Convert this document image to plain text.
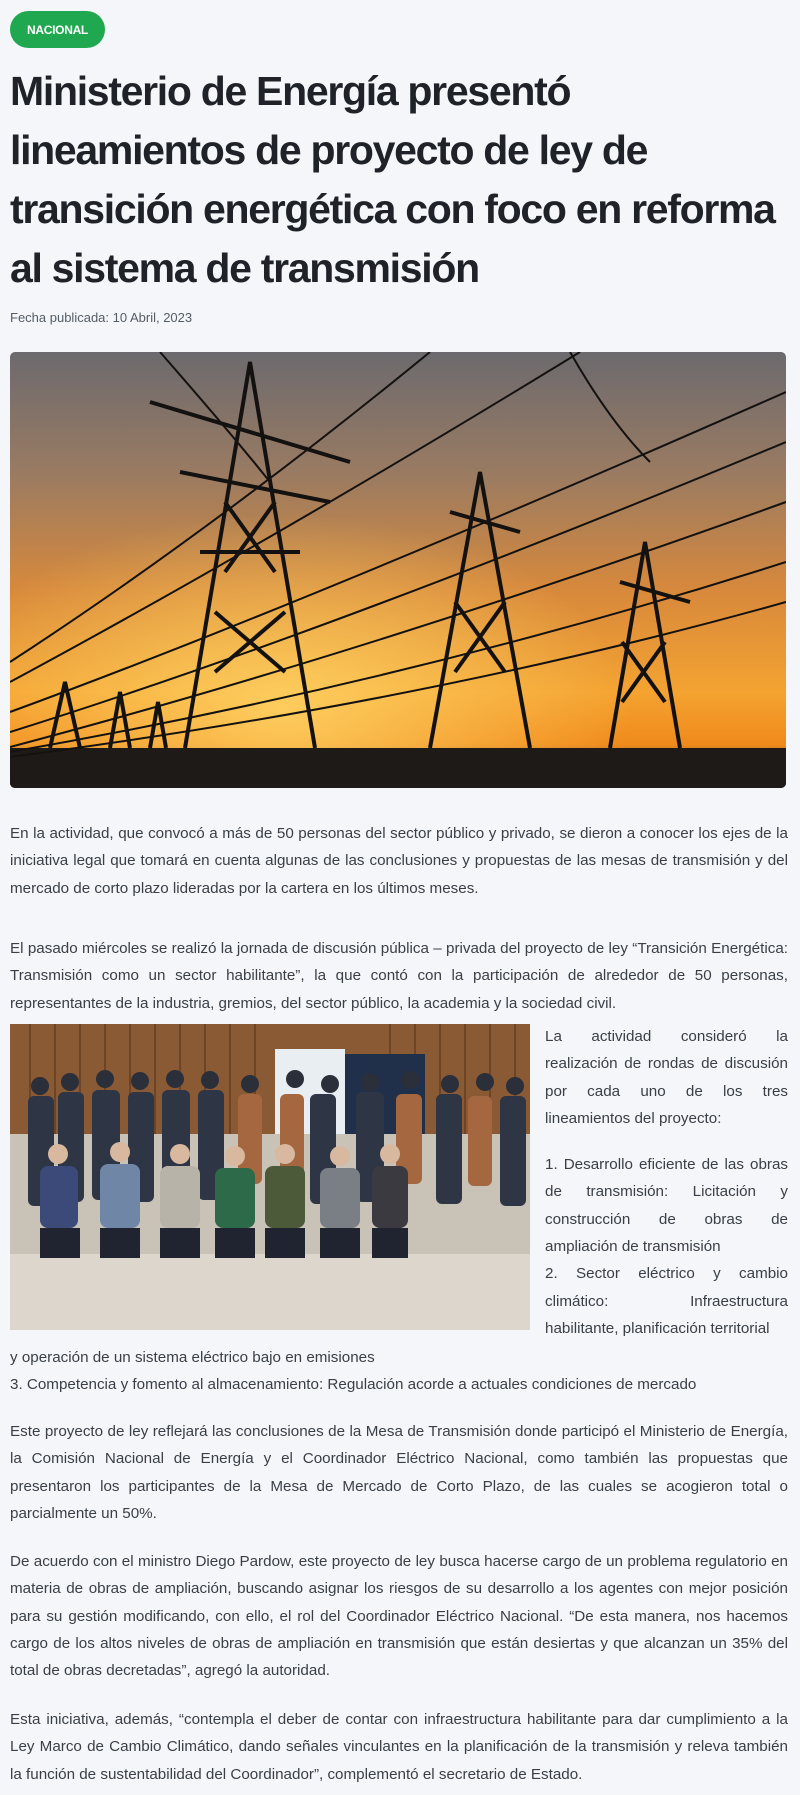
NACIONAL
Ministerio de Energía presentó lineamientos de proyecto de ley de transición energética con foco en reforma al sistema de transmisión
Fecha publicada: 10 Abril, 2023

En la actividad, que convocó a más de 50 personas del sector público y privado, se dieron a conocer los ejes de la iniciativa legal que tomará en cuenta algunas de las conclusiones y propuestas de las mesas de transmisión y del mercado de corto plazo lideradas por la cartera en los últimos meses.

El pasado miércoles se realizó la jornada de discusión pública – privada del proyecto de ley “Transición Energética: Transmisión como un sector habilitante”, la que contó con la participación de alrededor de 50 personas, representantes de la industria, gremios, del sector público, la academia y la sociedad civil.

La actividad consideró la realización de rondas de discusión por cada uno de los tres lineamientos del proyecto:

1. Desarrollo eficiente de las obras de transmisión: Licitación y construcción de obras de ampliación de transmisión

2. Sector eléctrico y cambio climático: Infraestructura habilitante, planificación territorial

y operación de un sistema eléctrico bajo en emisiones

3. Competencia y fomento al almacenamiento: Regulación acorde a actuales condiciones de mercado

Este proyecto de ley reflejará las conclusiones de la Mesa de Transmisión donde participó el Ministerio de Energía, la Comisión Nacional de Energía y el Coordinador Eléctrico Nacional, como también las propuestas que presentaron los participantes de la Mesa de Mercado de Corto Plazo, de las cuales se acogieron total o parcialmente un 50%.

De acuerdo con el ministro Diego Pardow, este proyecto de ley busca hacerse cargo de un problema regulatorio en materia de obras de ampliación, buscando asignar los riesgos de su desarrollo a los agentes con mejor posición para su gestión modificando, con ello, el rol del Coordinador Eléctrico Nacional. “De esta manera, nos hacemos cargo de los altos niveles de obras de ampliación en transmisión que están desiertas y que alcanzan un 35% del total de obras decretadas”, agregó la autoridad.

Esta iniciativa, además, “contempla el deber de contar con infraestructura habilitante para dar cumplimiento a la Ley Marco de Cambio Climático, dando señales vinculantes en la planificación de la transmisión y releva también la función de sustentabilidad del Coordinador”, complementó el secretario de Estado.
